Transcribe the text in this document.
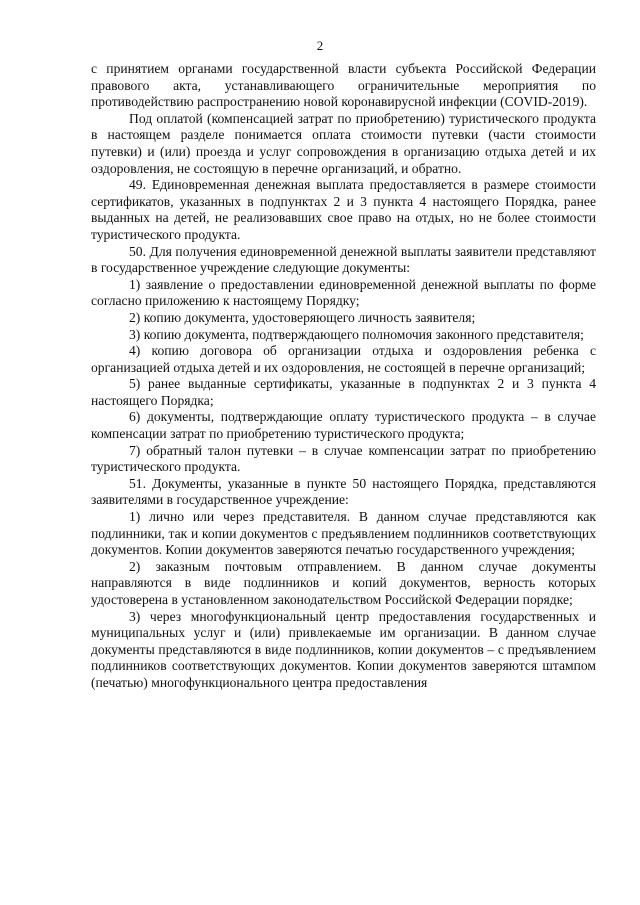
2

с принятием органами государственной власти субъекта Российской Федерации правового акта, устанавливающего ограничительные мероприятия по противодействию распространению новой коронавирусной инфекции (COVID-2019).

Под оплатой (компенсацией затрат по приобретению) туристического продукта в настоящем разделе понимается оплата стоимости путевки (части стоимости путевки) и (или) проезда и услуг сопровождения в организацию отдыха детей и их оздоровления, не состоящую в перечне организаций, и обратно.

49. Единовременная денежная выплата предоставляется в размере стоимости сертификатов, указанных в подпунктах 2 и 3 пункта 4 настоящего Порядка, ранее выданных на детей, не реализовавших свое право на отдых, но не более стоимости туристического продукта.

50. Для получения единовременной денежной выплаты заявители представляют в государственное учреждение следующие документы:

1) заявление о предоставлении единовременной денежной выплаты по форме согласно приложению к настоящему Порядку;

2) копию документа, удостоверяющего личность заявителя;

3) копию документа, подтверждающего полномочия законного представителя;

4) копию договора об организации отдыха и оздоровления ребенка с организацией отдыха детей и их оздоровления, не состоящей в перечне организаций;

5) ранее выданные сертификаты, указанные в подпунктах 2 и 3 пункта 4 настоящего Порядка;

6) документы, подтверждающие оплату туристического продукта – в случае компенсации затрат по приобретению туристического продукта;

7) обратный талон путевки – в случае компенсации затрат по приобретению туристического продукта.

51. Документы, указанные в пункте 50 настоящего Порядка, представляются заявителями в государственное учреждение:

1) лично или через представителя. В данном случае представляются как подлинники, так и копии документов с предъявлением подлинников соответствующих документов. Копии документов заверяются печатью государственного учреждения;

2) заказным почтовым отправлением. В данном случае документы направляются в виде подлинников и копий документов, верность которых удостоверена в установленном законодательством Российской Федерации порядке;

3) через многофункциональный центр предоставления государственных и муниципальных услуг и (или) привлекаемые им организации. В данном случае документы представляются в виде подлинников, копии документов – с предъявлением подлинников соответствующих документов. Копии документов заверяются штампом (печатью) многофункционального центра предоставления
